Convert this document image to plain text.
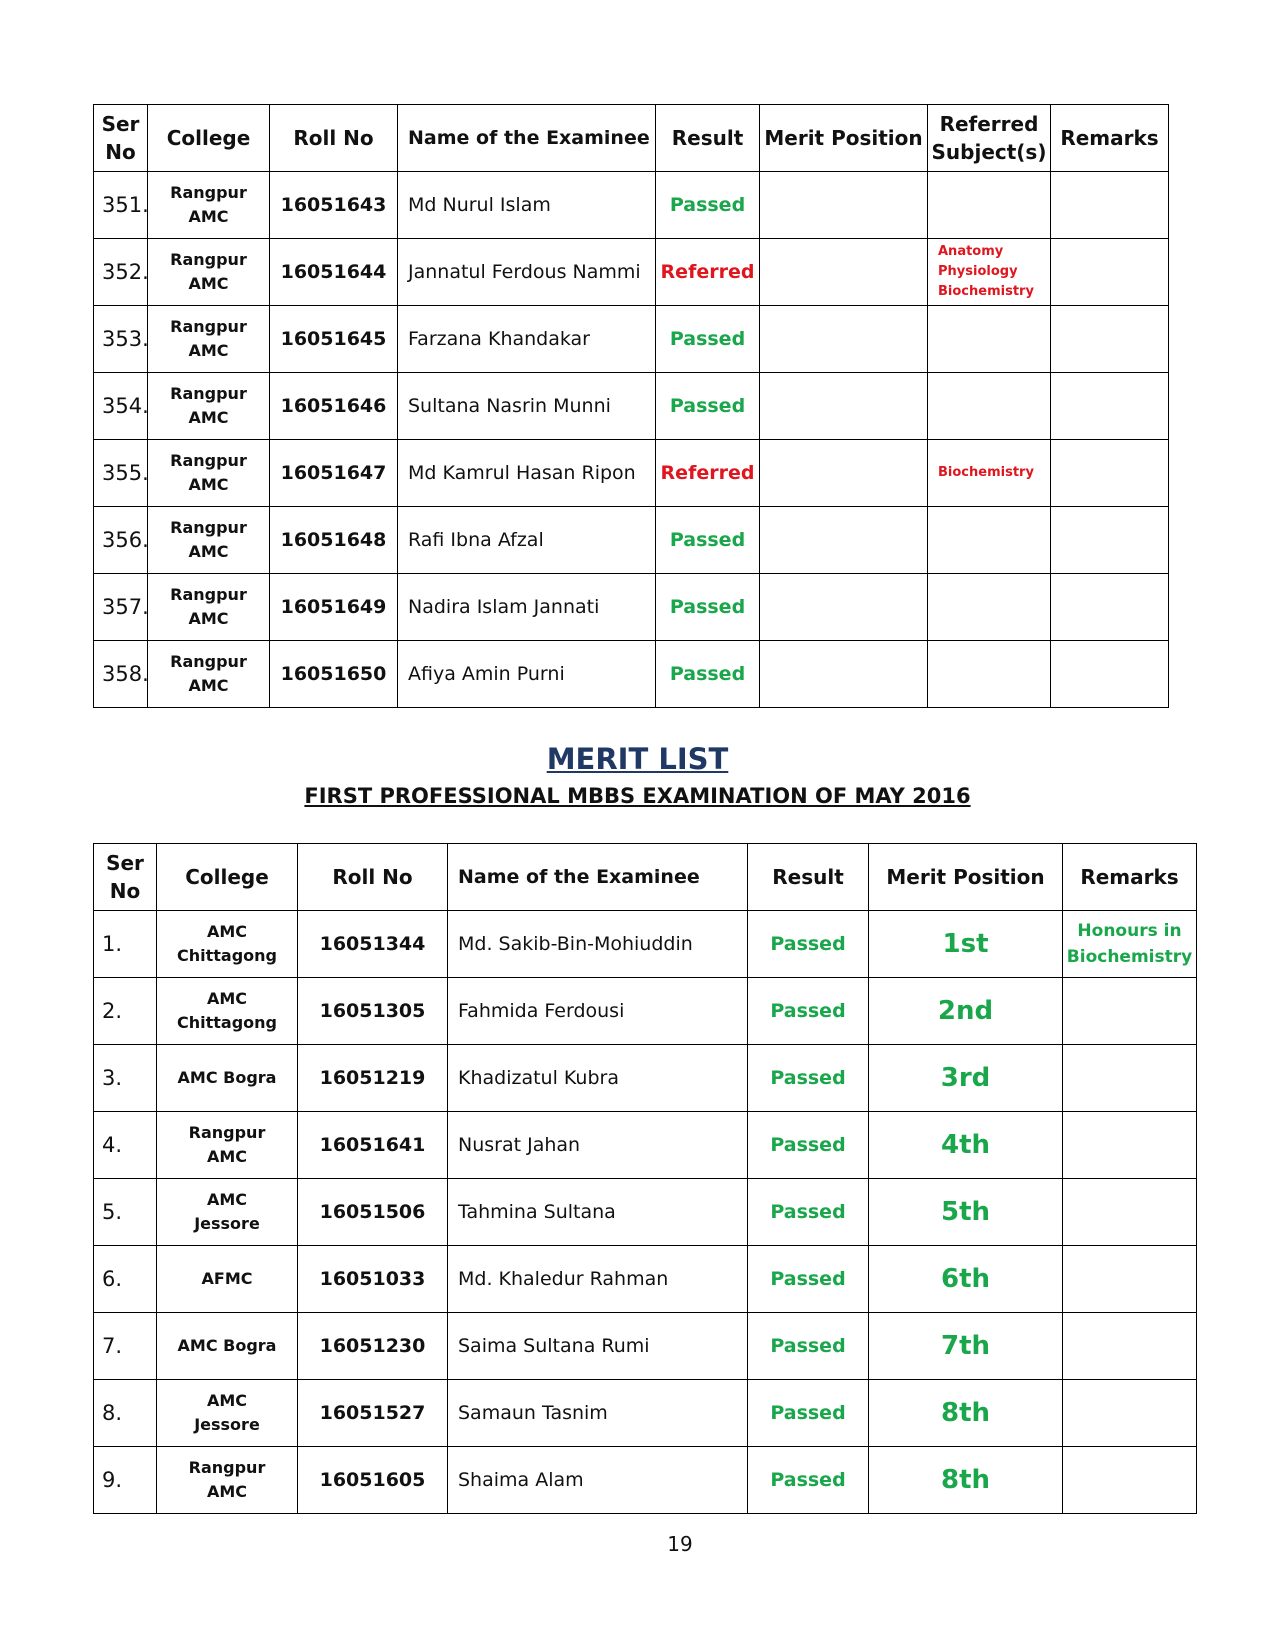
Ser No	College	Roll No	Name of the Examinee	Result	Merit Position	Referred Subject(s)	Remarks
351.	Rangpur AMC	16051643	Md Nurul Islam	Passed			
352.	Rangpur AMC	16051644	Jannatul Ferdous Nammi	Referred		Anatomy
Physiology
Biochemistry	
353.	Rangpur AMC	16051645	Farzana Khandakar	Passed			
354.	Rangpur AMC	16051646	Sultana Nasrin Munni	Passed			
355.	Rangpur AMC	16051647	Md Kamrul Hasan Ripon	Referred		Biochemistry	
356.	Rangpur AMC	16051648	Rafi Ibna Afzal	Passed			
357.	Rangpur AMC	16051649	Nadira Islam Jannati	Passed			
358.	Rangpur AMC	16051650	Afiya Amin Purni	Passed			
MERIT LIST
FIRST PROFESSIONAL MBBS EXAMINATION OF MAY 2016
Ser No	College	Roll No	Name of the Examinee	Result	Merit Position	Remarks
1.	AMC Chittagong	16051344	Md. Sakib-Bin-Mohiuddin	Passed	1st	Honours in Biochemistry
2.	AMC Chittagong	16051305	Fahmida Ferdousi	Passed	2nd	
3.	AMC Bogra	16051219	Khadizatul Kubra	Passed	3rd	
4.	Rangpur AMC	16051641	Nusrat Jahan	Passed	4th	
5.	AMC Jessore	16051506	Tahmina Sultana	Passed	5th	
6.	AFMC	16051033	Md. Khaledur Rahman	Passed	6th	
7.	AMC Bogra	16051230	Saima Sultana Rumi	Passed	7th	
8.	AMC Jessore	16051527	Samaun Tasnim	Passed	8th	
9.	Rangpur AMC	16051605	Shaima Alam	Passed	8th	
19
